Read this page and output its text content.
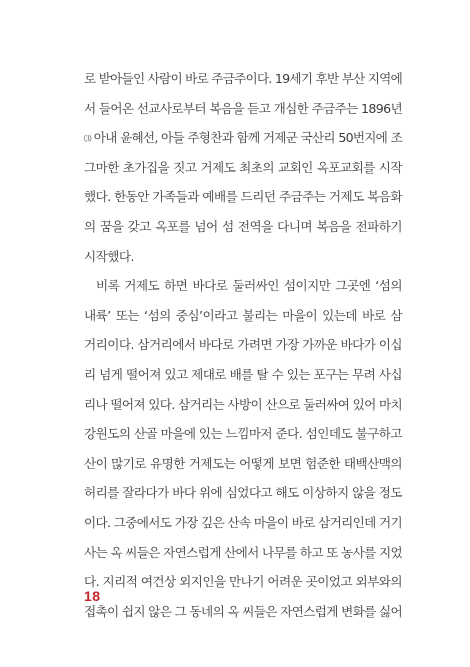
로 받아들인 사람이 바로 주금주이다. 19세기 후반 부산 지역에
서 들어온 선교사로부터 복음을 듣고 개심한 주금주는 1896년
⑶ 아내 윤혜선, 아들 주형찬과 함께 거제군 국산리 50번지에 조
그마한 초가집을 짓고 거제도 최초의 교회인 옥포교회를 시작
했다. 한동안 가족들과 예배를 드리던 주금주는 거제도 복음화
의 꿈을 갖고 옥포를 넘어 섬 전역을 다니며 복음을 전파하기
시작했다.
비록 거제도 하면 바다로 둘러싸인 섬이지만 그곳엔 ‘섬의
내륙’ 또는 ‘섬의 중심’이라고 불리는 마을이 있는데 바로 삼
거리이다. 삼거리에서 바다로 가려면 가장 가까운 바다가 이십
리 넘게 떨어져 있고 제대로 배를 탈 수 있는 포구는 무려 사십
리나 떨어져 있다. 삼거리는 사방이 산으로 둘러싸여 있어 마치
강원도의 산골 마을에 있는 느낌마저 준다. 섬인데도 불구하고
산이 많기로 유명한 거제도는 어떻게 보면 험준한 태백산맥의
허리를 잘라다가 바다 위에 심었다고 해도 이상하지 않을 정도
이다. 그중에서도 가장 깊은 산속 마을이 바로 삼거리인데 거기
사는 옥 씨들은 자연스럽게 산에서 나무를 하고 또 농사를 지었
다. 지리적 여건상 외지인을 만나기 어려운 곳이었고 외부와의
접촉이 쉽지 않은 그 동네의 옥 씨들은 자연스럽게 변화를 싫어
18
